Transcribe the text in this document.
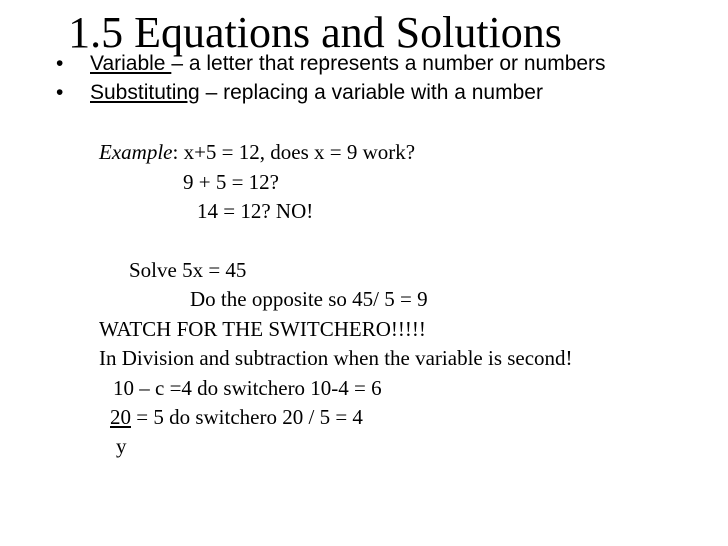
1.5 Equations and Solutions
• Variable – a letter that represents a number or numbers
• Substituting – replacing a variable with a number
Example: x+5 = 12, does x = 9 work?
9 + 5 = 12?
14 = 12? NO!
Solve 5x = 45
Do the opposite so 45/ 5 = 9
WATCH FOR THE SWITCHERO!!!!!
In Division and subtraction when the variable is second!
10 – c =4 do switchero 10-4 = 6
20 = 5 do switchero 20 / 5 = 4
y
